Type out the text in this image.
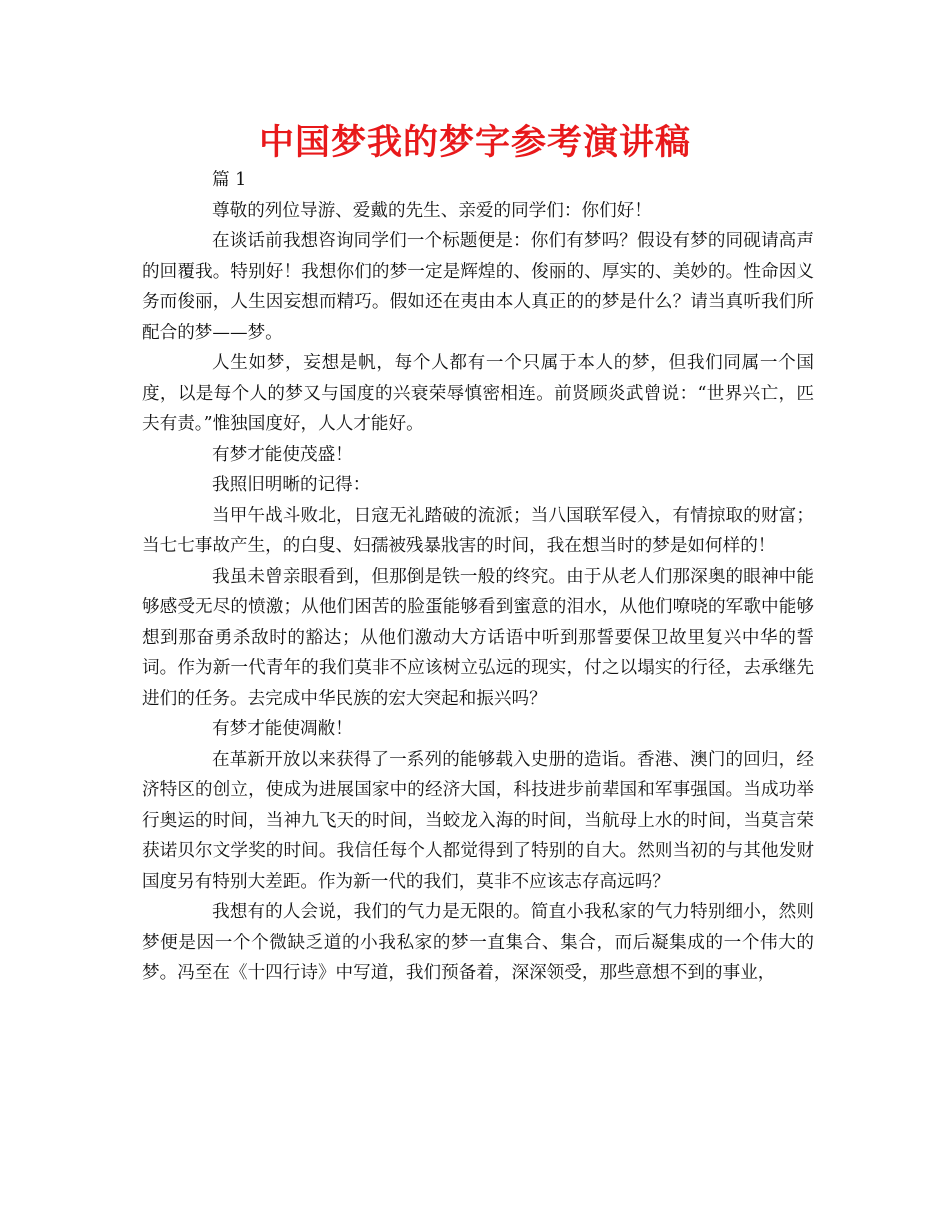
中国梦我的梦字参考演讲稿

篇 1

尊敬的列位导游、爱戴的先生、亲爱的同学们：你们好！

在谈话前我想咨询同学们一个标题便是：你们有梦吗？假设有梦的同砚请高声的回覆我。特别好！我想你们的梦一定是辉煌的、俊丽的、厚实的、美妙的。性命因义务而俊丽，人生因妄想而精巧。假如还在夷由本人真正的的梦是什么？请当真听我们所配合的梦——梦。

人生如梦，妄想是帆，每个人都有一个只属于本人的梦，但我们同属一个国度，以是每个人的梦又与国度的兴衰荣辱慎密相连。前贤顾炎武曾说：“世界兴亡，匹夫有责。”惟独国度好，人人才能好。

有梦才能使茂盛！

我照旧明晰的记得：

当甲午战斗败北，日寇无礼踏破的流派；当八国联军侵入，有情掠取的财富；当七七事故产生，的白叟、妇孺被残暴戕害的时间，我在想当时的梦是如何样的！

我虽未曾亲眼看到，但那倒是铁一般的终究。由于从老人们那深奥的眼神中能够感受无尽的愤激；从他们困苦的脸蛋能够看到蜜意的泪水，从他们嘹哓的军歌中能够想到那奋勇杀敌时的豁达；从他们激动大方话语中听到那誓要保卫故里复兴中华的誓词。作为新一代青年的我们莫非不应该树立弘远的现实，付之以塌实的行径，去承继先进们的任务。去完成中华民族的宏大突起和振兴吗？

有梦才能使凋敝！

在革新开放以来获得了一系列的能够载入史册的造诣。香港、澳门的回归，经济特区的创立，使成为进展国家中的经济大国，科技进步前辈国和军事强国。当成功举行奥运的时间，当神九飞天的时间，当蛟龙入海的时间，当航母上水的时间，当莫言荣获诺贝尔文学奖的时间。我信任每个人都觉得到了特别的自大。然则当初的与其他发财国度另有特别大差距。作为新一代的我们，莫非不应该志存高远吗？

我想有的人会说，我们的气力是无限的。简直小我私家的气力特别细小，然则梦便是因一个个微缺乏道的小我私家的梦一直集合、集合，而后凝集成的一个伟大的梦。冯至在《十四行诗》中写道，我们预备着，深深领受，那些意想不到的事业，
